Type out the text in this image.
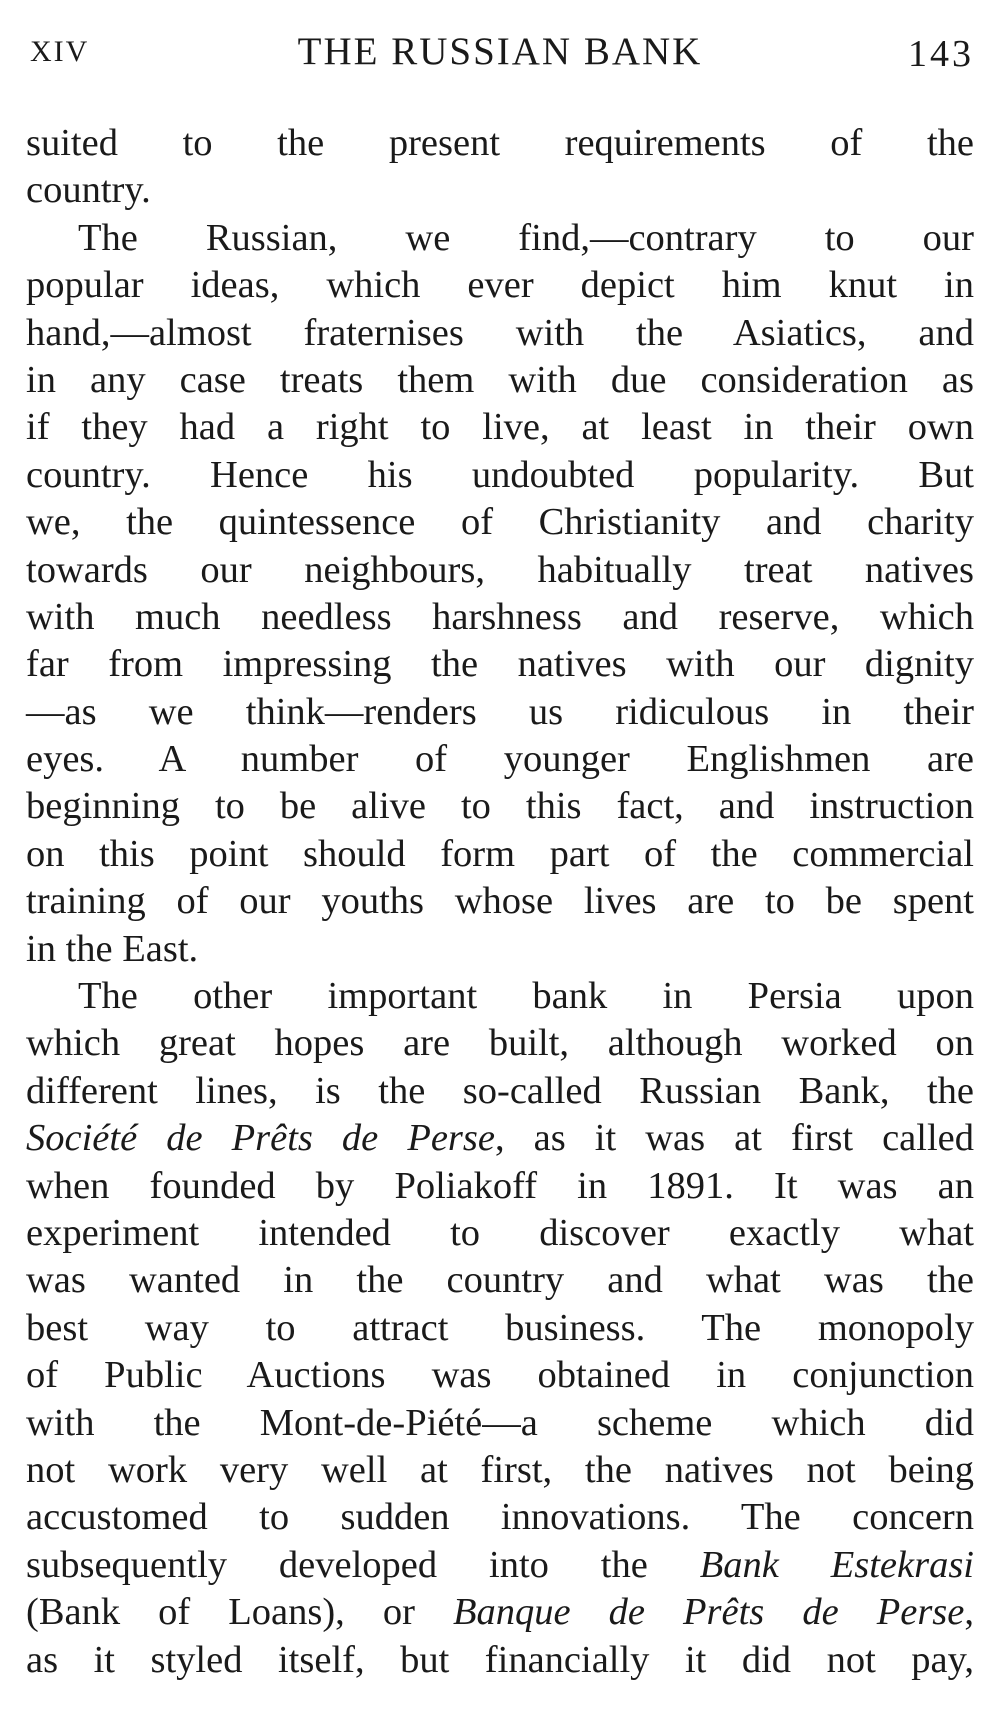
XIV	THE RUSSIAN BANK	143
suited to the present requirements of the
country.
The Russian, we find,—contrary to our
popular ideas, which ever depict him knut in
hand,—almost fraternises with the Asiatics, and
in any case treats them with due consideration as
if they had a right to live, at least in their own
country. Hence his undoubted popularity. But
we, the quintessence of Christianity and charity
towards our neighbours, habitually treat natives
with much needless harshness and reserve, which
far from impressing the natives with our dignity
—as we think—renders us ridiculous in their
eyes. A number of younger Englishmen are
beginning to be alive to this fact, and instruction
on this point should form part of the commercial
training of our youths whose lives are to be spent
in the East.
The other important bank in Persia upon
which great hopes are built, although worked on
different lines, is the so-called Russian Bank, the
Société de Prêts de Perse, as it was at first called
when founded by Poliakoff in 1891. It was an
experiment intended to discover exactly what
was wanted in the country and what was the
best way to attract business. The monopoly
of Public Auctions was obtained in conjunction
with the Mont-de-Piété—a scheme which did
not work very well at first, the natives not being
accustomed to sudden innovations. The concern
subsequently developed into the Bank Estekrasi
(Bank of Loans), or Banque de Prêts de Perse,
as it styled itself, but financially it did not pay,
